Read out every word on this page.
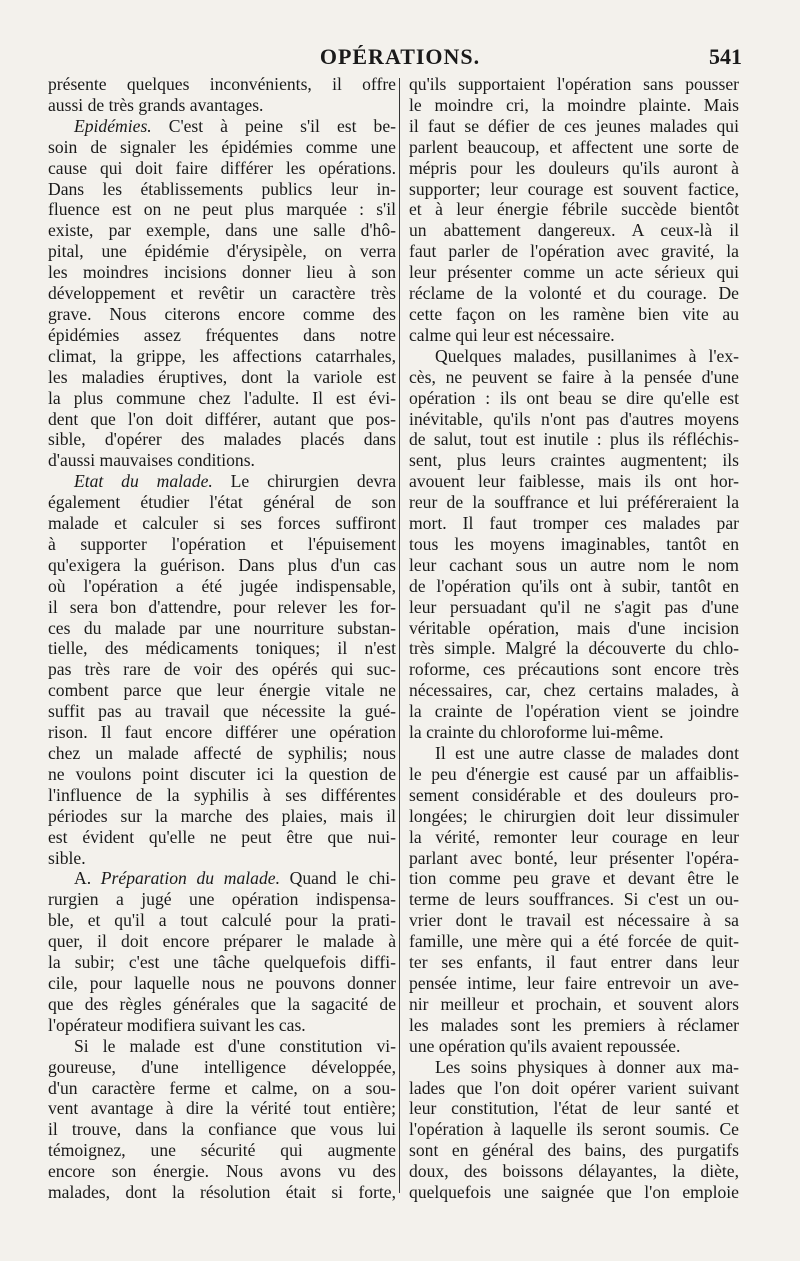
OPÉRATIONS.	541
présente quelques inconvénients, il offre
aussi de très grands avantages.
Epidémies. C'est à peine s'il est be-
soin de signaler les épidémies comme une
cause qui doit faire différer les opérations.
Dans les établissements publics leur in-
fluence est on ne peut plus marquée : s'il
existe, par exemple, dans une salle d'hô-
pital, une épidémie d'érysipèle, on verra
les moindres incisions donner lieu à son
développement et revêtir un caractère très
grave. Nous citerons encore comme des
épidémies assez fréquentes dans notre
climat, la grippe, les affections catarrhales,
les maladies éruptives, dont la variole est
la plus commune chez l'adulte. Il est évi-
dent que l'on doit différer, autant que pos-
sible, d'opérer des malades placés dans
d'aussi mauvaises conditions.
Etat du malade. Le chirurgien devra
également étudier l'état général de son
malade et calculer si ses forces suffiront
à supporter l'opération et l'épuisement
qu'exigera la guérison. Dans plus d'un cas
où l'opération a été jugée indispensable,
il sera bon d'attendre, pour relever les for-
ces du malade par une nourriture substan-
tielle, des médicaments toniques; il n'est
pas très rare de voir des opérés qui suc-
combent parce que leur énergie vitale ne
suffit pas au travail que nécessite la gué-
rison. Il faut encore différer une opération
chez un malade affecté de syphilis; nous
ne voulons point discuter ici la question de
l'influence de la syphilis à ses différentes
périodes sur la marche des plaies, mais il
est évident qu'elle ne peut être que nui-
sible.
A. Préparation du malade. Quand le chi-
rurgien a jugé une opération indispensa-
ble, et qu'il a tout calculé pour la prati-
quer, il doit encore préparer le malade à
la subir; c'est une tâche quelquefois diffi-
cile, pour laquelle nous ne pouvons donner
que des règles générales que la sagacité de
l'opérateur modifiera suivant les cas.
Si le malade est d'une constitution vi-
goureuse, d'une intelligence développée,
d'un caractère ferme et calme, on a sou-
vent avantage à dire la vérité tout entière;
il trouve, dans la confiance que vous lui
témoignez, une sécurité qui augmente
encore son énergie. Nous avons vu des
malades, dont la résolution était si forte,
qu'ils supportaient l'opération sans pousser
le moindre cri, la moindre plainte. Mais
il faut se défier de ces jeunes malades qui
parlent beaucoup, et affectent une sorte de
mépris pour les douleurs qu'ils auront à
supporter; leur courage est souvent factice,
et à leur énergie fébrile succède bientôt
un abattement dangereux. A ceux-là il
faut parler de l'opération avec gravité, la
leur présenter comme un acte sérieux qui
réclame de la volonté et du courage. De
cette façon on les ramène bien vite au
calme qui leur est nécessaire.
Quelques malades, pusillanimes à l'ex-
cès, ne peuvent se faire à la pensée d'une
opération : ils ont beau se dire qu'elle est
inévitable, qu'ils n'ont pas d'autres moyens
de salut, tout est inutile : plus ils réfléchis-
sent, plus leurs craintes augmentent; ils
avouent leur faiblesse, mais ils ont hor-
reur de la souffrance et lui préféreraient la
mort. Il faut tromper ces malades par
tous les moyens imaginables, tantôt en
leur cachant sous un autre nom le nom
de l'opération qu'ils ont à subir, tantôt en
leur persuadant qu'il ne s'agit pas d'une
véritable opération, mais d'une incision
très simple. Malgré la découverte du chlo-
roforme, ces précautions sont encore très
nécessaires, car, chez certains malades, à
la crainte de l'opération vient se joindre
la crainte du chloroforme lui-même.
Il est une autre classe de malades dont
le peu d'énergie est causé par un affaiblis-
sement considérable et des douleurs pro-
longées; le chirurgien doit leur dissimuler
la vérité, remonter leur courage en leur
parlant avec bonté, leur présenter l'opéra-
tion comme peu grave et devant être le
terme de leurs souffrances. Si c'est un ou-
vrier dont le travail est nécessaire à sa
famille, une mère qui a été forcée de quit-
ter ses enfants, il faut entrer dans leur
pensée intime, leur faire entrevoir un ave-
nir meilleur et prochain, et souvent alors
les malades sont les premiers à réclamer
une opération qu'ils avaient repoussée.
Les soins physiques à donner aux ma-
lades que l'on doit opérer varient suivant
leur constitution, l'état de leur santé et
l'opération à laquelle ils seront soumis. Ce
sont en général des bains, des purgatifs
doux, des boissons délayantes, la diète,
quelquefois une saignée que l'on emploie
